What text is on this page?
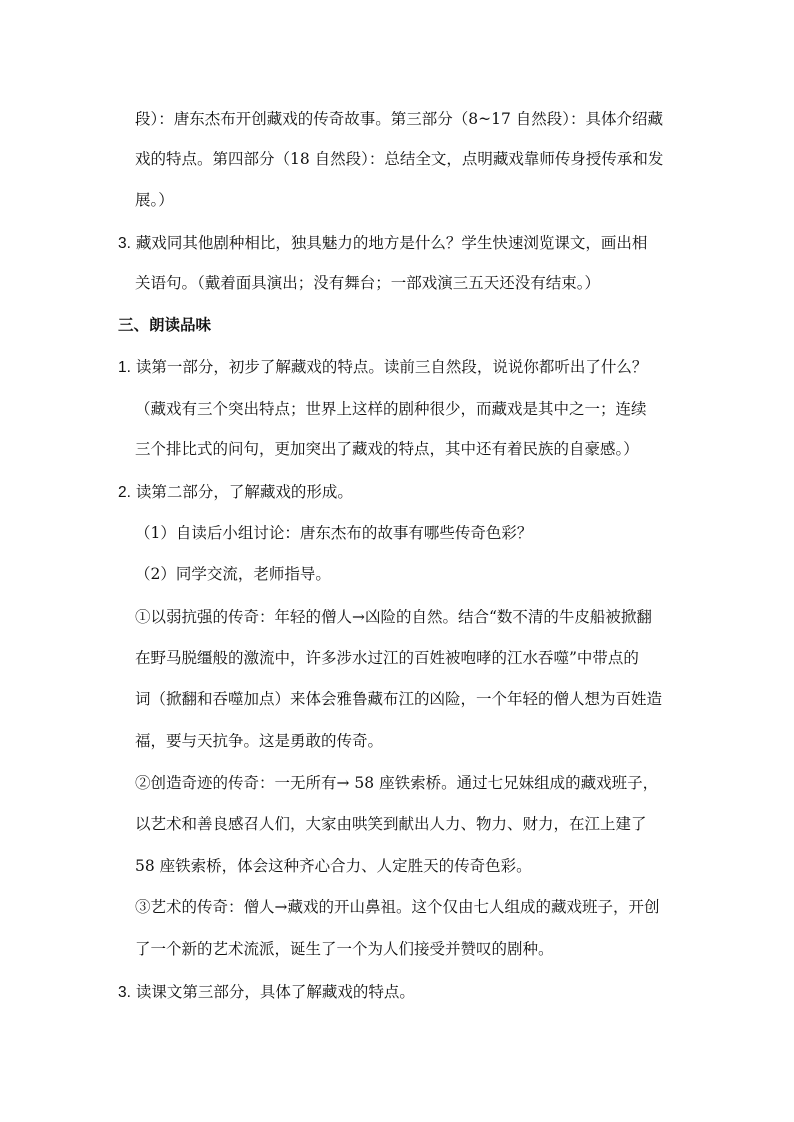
段）：唐东杰布开创藏戏的传奇故事。第三部分（8~17 自然段）：具体介绍藏
戏的特点。第四部分（18 自然段）：总结全文，点明藏戏靠师传身授传承和发
展。）
3. 藏戏同其他剧种相比，独具魅力的地方是什么？学生快速浏览课文，画出相
关语句。（戴着面具演出；没有舞台；一部戏演三五天还没有结束。）
三、朗读品味
1. 读第一部分，初步了解藏戏的特点。读前三自然段，说说你都听出了什么？
（藏戏有三个突出特点；世界上这样的剧种很少，而藏戏是其中之一；连续
三个排比式的问句，更加突出了藏戏的特点，其中还有着民族的自豪感。）
2. 读第二部分，了解藏戏的形成。
（1）自读后小组讨论：唐东杰布的故事有哪些传奇色彩？
（2）同学交流，老师指导。
①以弱抗强的传奇：年轻的僧人→凶险的自然。结合“数不清的牛皮船被掀翻
在野马脱缰般的激流中，许多涉水过江的百姓被咆哮的江水吞噬”中带点的
词（掀翻和吞噬加点）来体会雅鲁藏布江的凶险，一个年轻的僧人想为百姓造
福，要与天抗争。这是勇敢的传奇。
②创造奇迹的传奇：一无所有→ 58 座铁索桥。通过七兄妹组成的藏戏班子，
以艺术和善良感召人们，大家由哄笑到献出人力、物力、财力，在江上建了
58 座铁索桥，体会这种齐心合力、人定胜天的传奇色彩。
③艺术的传奇：僧人→藏戏的开山鼻祖。这个仅由七人组成的藏戏班子，开创
了一个新的艺术流派，诞生了一个为人们接受并赞叹的剧种。
3. 读课文第三部分，具体了解藏戏的特点。
